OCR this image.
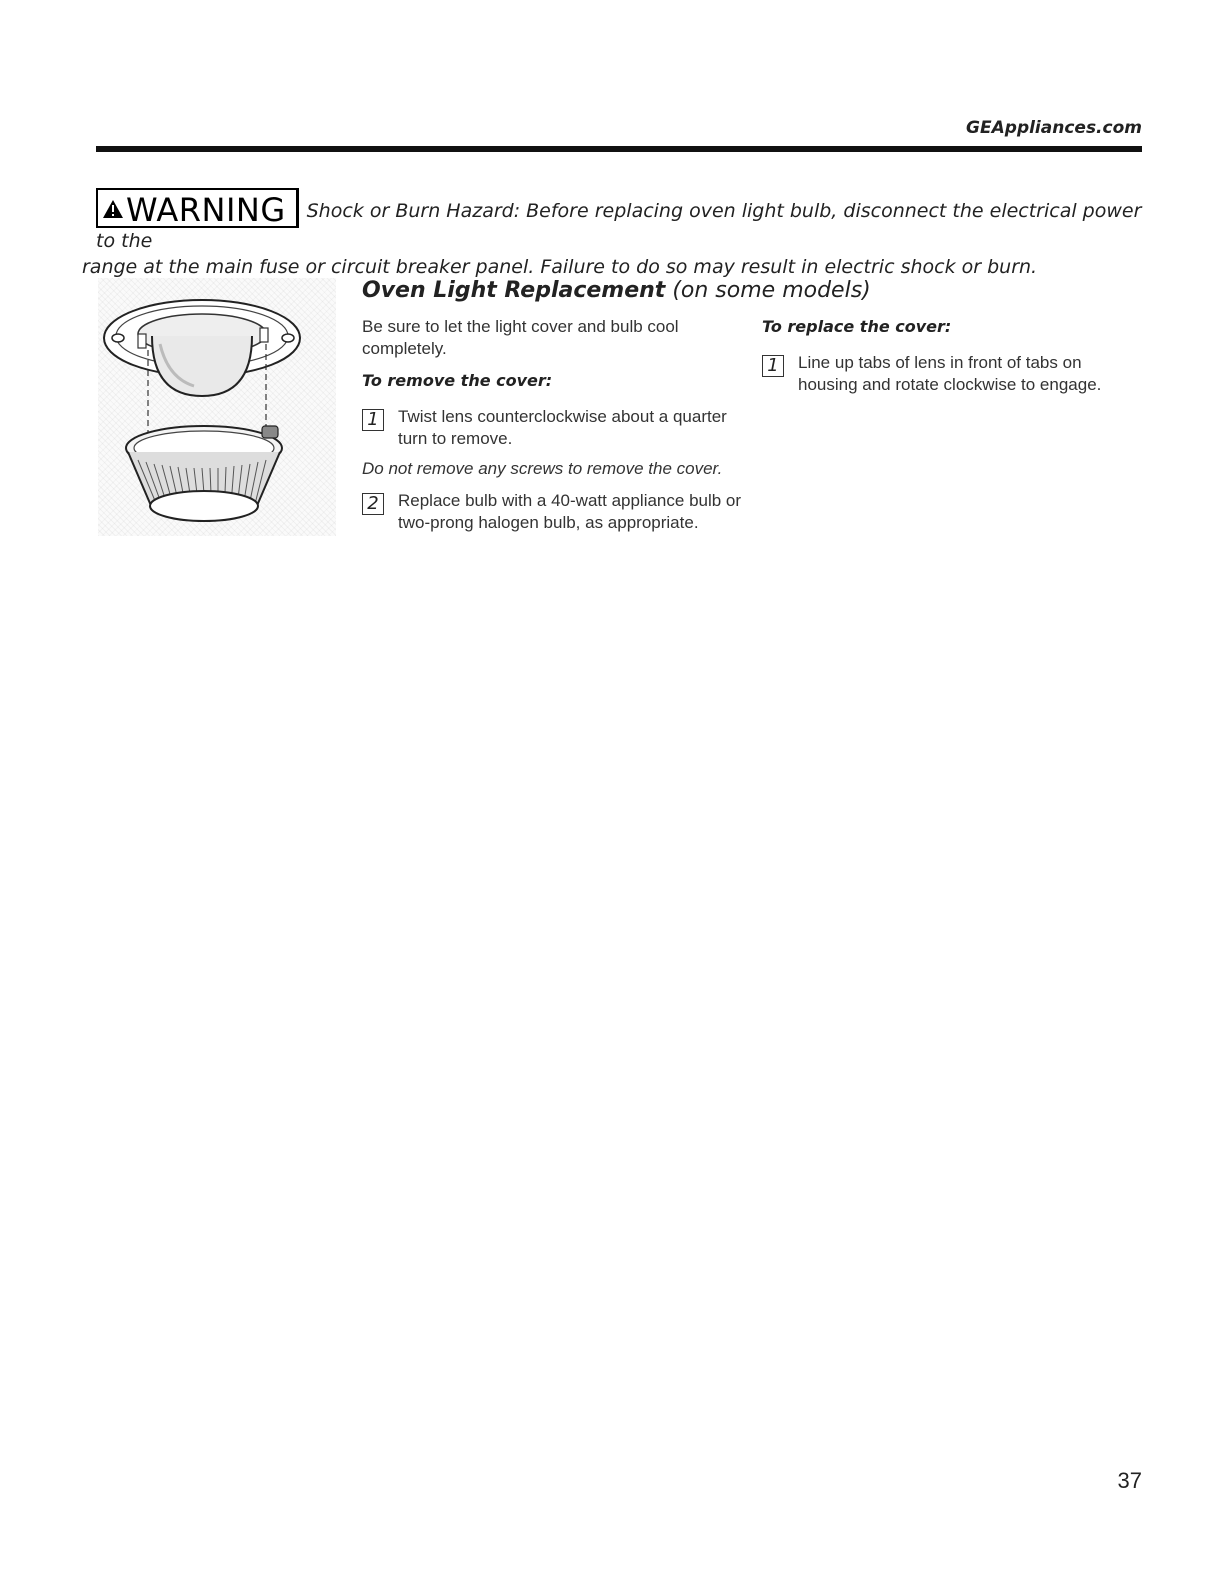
GEAppliances.com
WARNING Shock or Burn Hazard: Before replacing oven light bulb, disconnect the electrical power to the
range at the main fuse or circuit breaker panel. Failure to do so may result in electric shock or burn.
Oven Light Replacement (on some models)

Be sure to let the light cover and bulb cool completely.

To remove the cover:
1	Twist lens counterclockwise about a quarter turn to remove.
Do not remove any screws to remove the cover.
2	Replace bulb with a 40-watt appliance bulb or two-prong halogen bulb, as appropriate.
To replace the cover:
1	Line up tabs of lens in front of tabs on housing and rotate clockwise to engage.
37
